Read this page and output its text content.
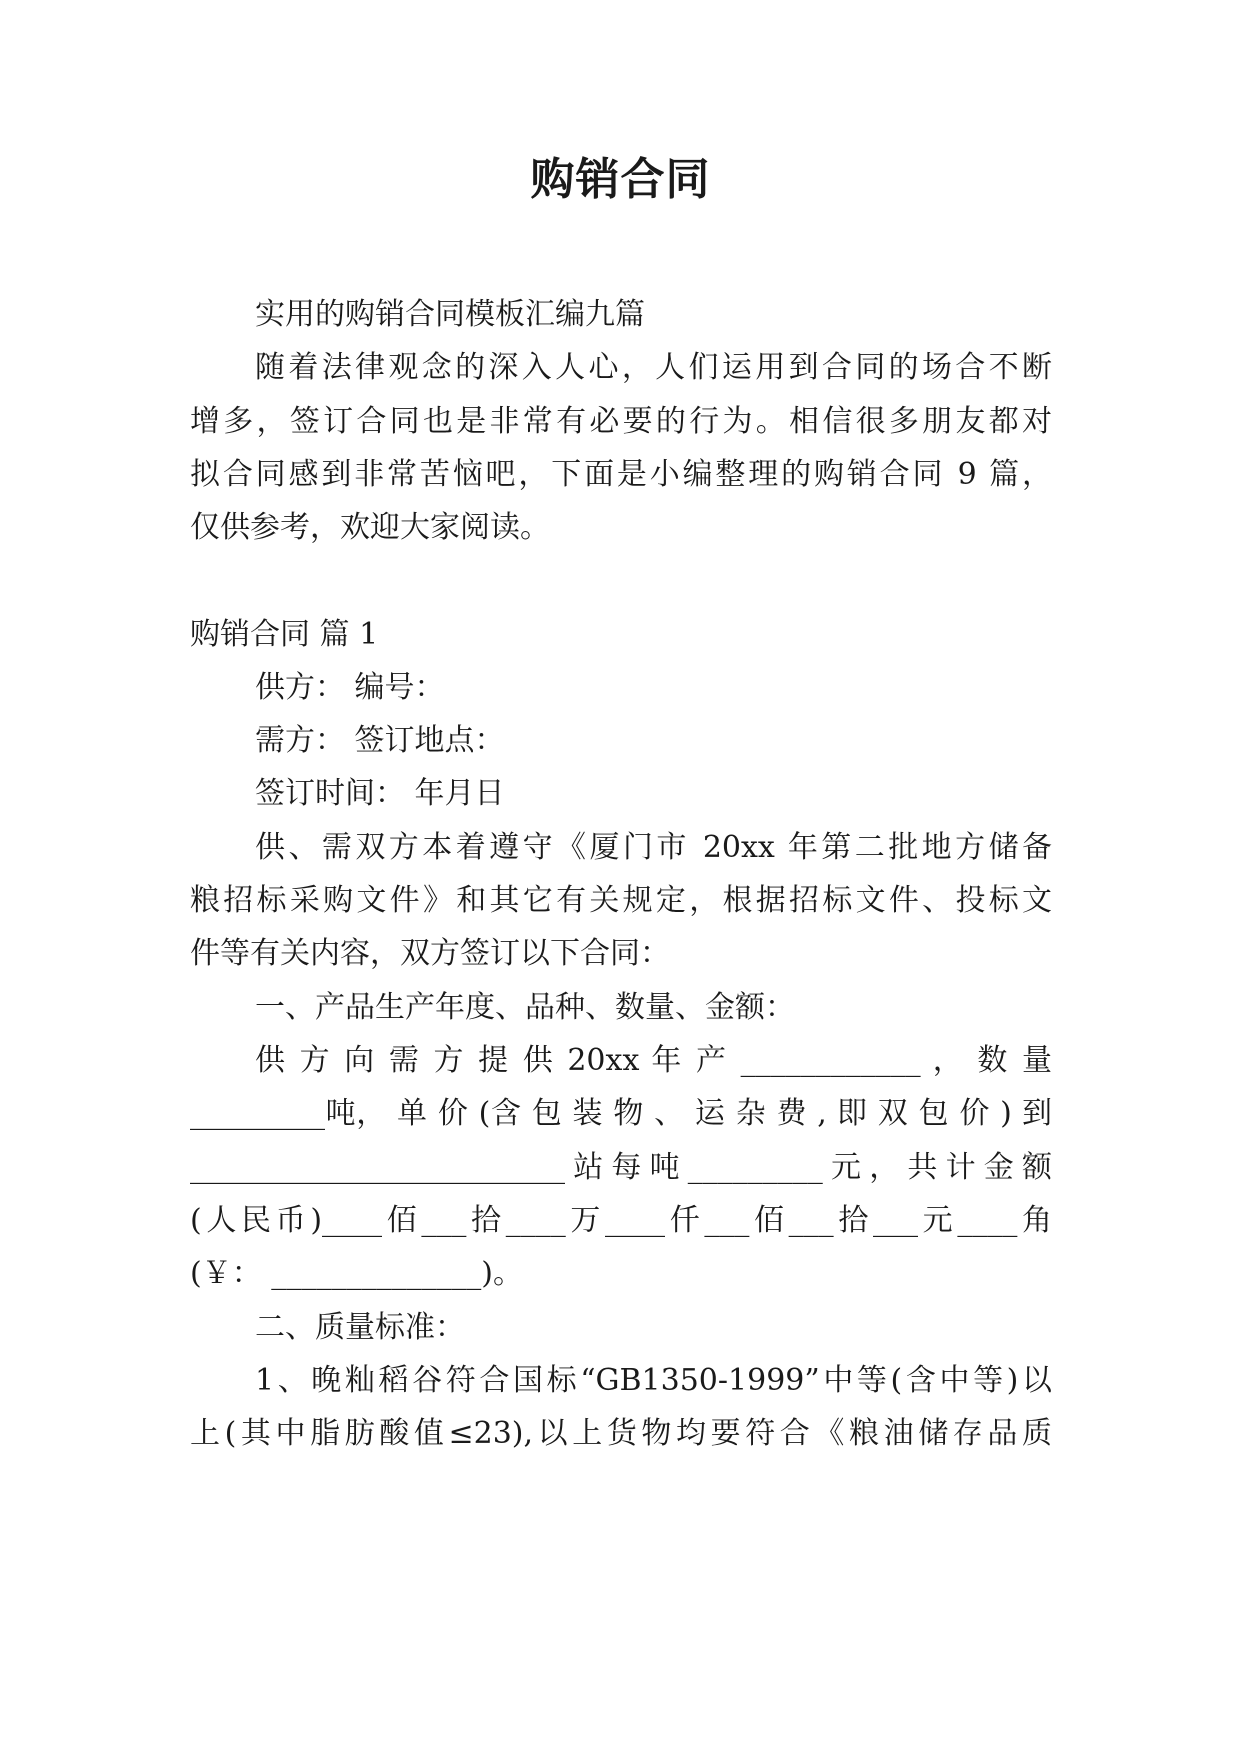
购销合同
实用的购销合同模板汇编九篇
随着法律观念的深入人心，人们运用到合同的场合不断
增多，签订合同也是非常有必要的行为。相信很多朋友都对
拟合同感到非常苦恼吧，下面是小编整理的购销合同 9 篇，
仅供参考，欢迎大家阅读。
购销合同 篇 1
供方： 编号：
需方： 签订地点：
签订时间： 年月日
供、需双方本着遵守《厦门市 20xx 年第二批地方储备
粮招标采购文件》和其它有关规定，根据招标文件、投标文
件等有关内容，双方签订以下合同：
一、产品生产年度、品种、数量、金额：
供 方 向 需 方 提 供 20xx 年 产 ____________ ， 数 量
_________吨， 单 价 (含 包 装 物 、 运 杂 费 , 即 双 包 价 ) 到
_________________________站每吨_________元，共计金额
(人民币)____佰___拾____万____仟___佰___拾___元____角
(￥： ______________)。
二、质量标准：
1、晚籼稻谷符合国标“GB1350-1999”中等(含中等)以
上(其中脂肪酸值≤23),以上货物均要符合《粮油储存品质
